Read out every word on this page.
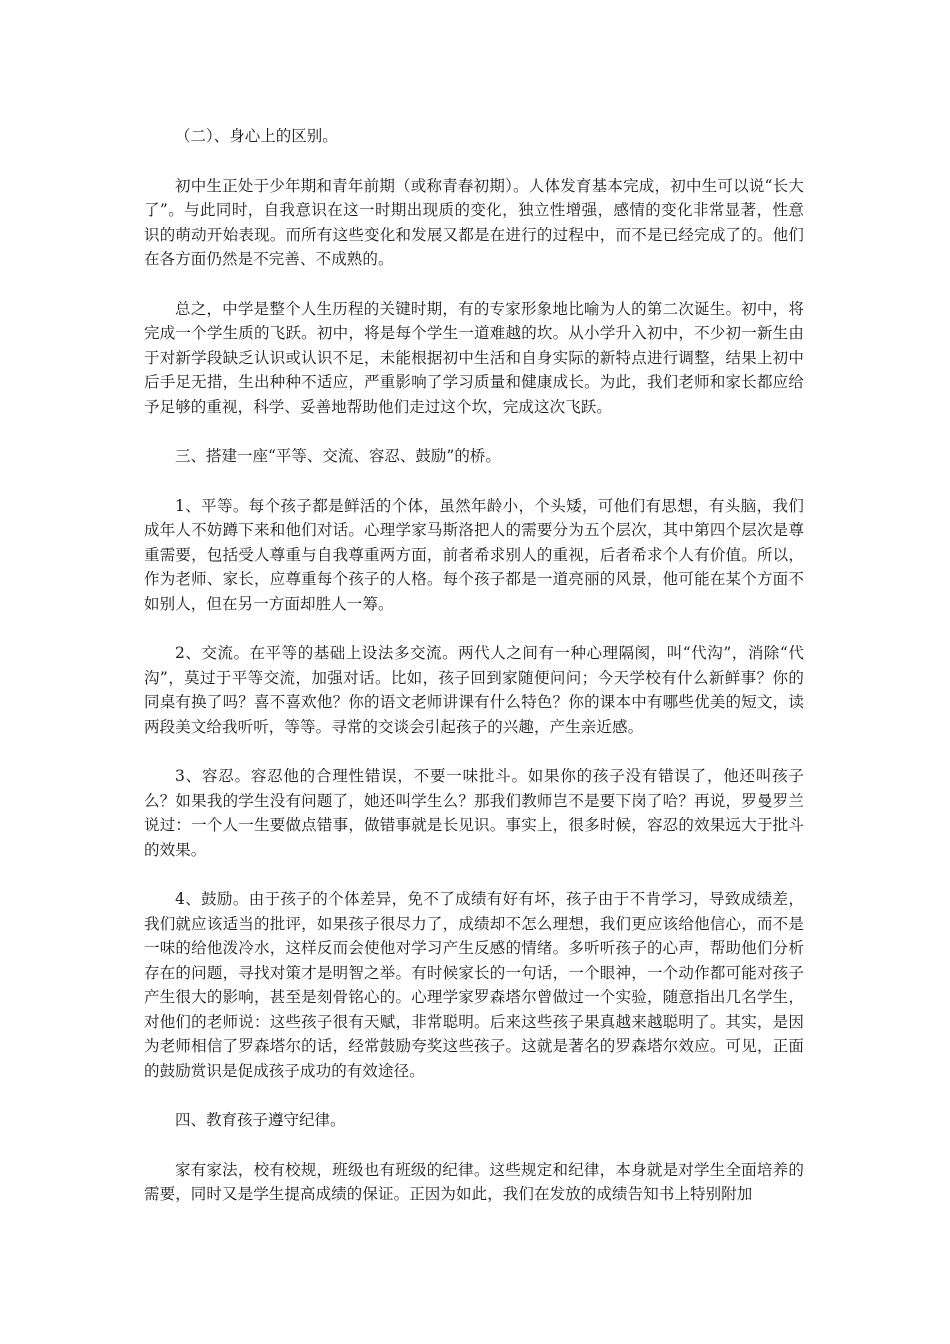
（二）、身心上的区别。

初中生正处于少年期和青年前期（或称青春初期）。人体发育基本完成，初中生可以说“长大了”。与此同时，自我意识在这一时期出现质的变化，独立性增强，感情的变化非常显著，性意识的萌动开始表现。而所有这些变化和发展又都是在进行的过程中，而不是已经完成了的。他们在各方面仍然是不完善、不成熟的。

总之，中学是整个人生历程的关键时期，有的专家形象地比喻为人的第二次诞生。初中，将完成一个学生质的飞跃。初中，将是每个学生一道难越的坎。从小学升入初中，不少初一新生由于对新学段缺乏认识或认识不足，未能根据初中生活和自身实际的新特点进行调整，结果上初中后手足无措，生出种种不适应，严重影响了学习质量和健康成长。为此，我们老师和家长都应给予足够的重视，科学、妥善地帮助他们走过这个坎，完成这次飞跃。

三、搭建一座“平等、交流、容忍、鼓励”的桥。

1、平等。每个孩子都是鲜活的个体，虽然年龄小，个头矮，可他们有思想，有头脑，我们成年人不妨蹲下来和他们对话。心理学家马斯洛把人的需要分为五个层次，其中第四个层次是尊重需要，包括受人尊重与自我尊重两方面，前者希求别人的重视，后者希求个人有价值。所以，作为老师、家长，应尊重每个孩子的人格。每个孩子都是一道亮丽的风景，他可能在某个方面不如别人，但在另一方面却胜人一筹。

2、交流。在平等的基础上设法多交流。两代人之间有一种心理隔阂，叫“代沟”，消除“代沟”，莫过于平等交流，加强对话。比如，孩子回到家随便问问；今天学校有什么新鲜事？你的同桌有换了吗？喜不喜欢他？你的语文老师讲课有什么特色？你的课本中有哪些优美的短文，读两段美文给我听听，等等。寻常的交谈会引起孩子的兴趣，产生亲近感。

3、容忍。容忍他的合理性错误，不要一味批斗。如果你的孩子没有错误了，他还叫孩子么？如果我的学生没有问题了，她还叫学生么？那我们教师岂不是要下岗了哈？再说，罗曼罗兰说过：一个人一生要做点错事，做错事就是长见识。事实上，很多时候，容忍的效果远大于批斗的效果。

4、鼓励。由于孩子的个体差异，免不了成绩有好有坏，孩子由于不肯学习，导致成绩差，我们就应该适当的批评，如果孩子很尽力了，成绩却不怎么理想，我们更应该给他信心，而不是一味的给他泼冷水，这样反而会使他对学习产生反感的情绪。多听听孩子的心声，帮助他们分析存在的问题，寻找对策才是明智之举。有时候家长的一句话，一个眼神，一个动作都可能对孩子产生很大的影响，甚至是刻骨铭心的。心理学家罗森塔尔曾做过一个实验，随意指出几名学生，对他们的老师说：这些孩子很有天赋，非常聪明。后来这些孩子果真越来越聪明了。其实，是因为老师相信了罗森塔尔的话，经常鼓励夸奖这些孩子。这就是著名的罗森塔尔效应。可见，正面的鼓励赏识是促成孩子成功的有效途径。

四、教育孩子遵守纪律。

家有家法，校有校规，班级也有班级的纪律。这些规定和纪律，本身就是对学生全面培养的需要，同时又是学生提高成绩的保证。正因为如此，我们在发放的成绩告知书上特别附加
